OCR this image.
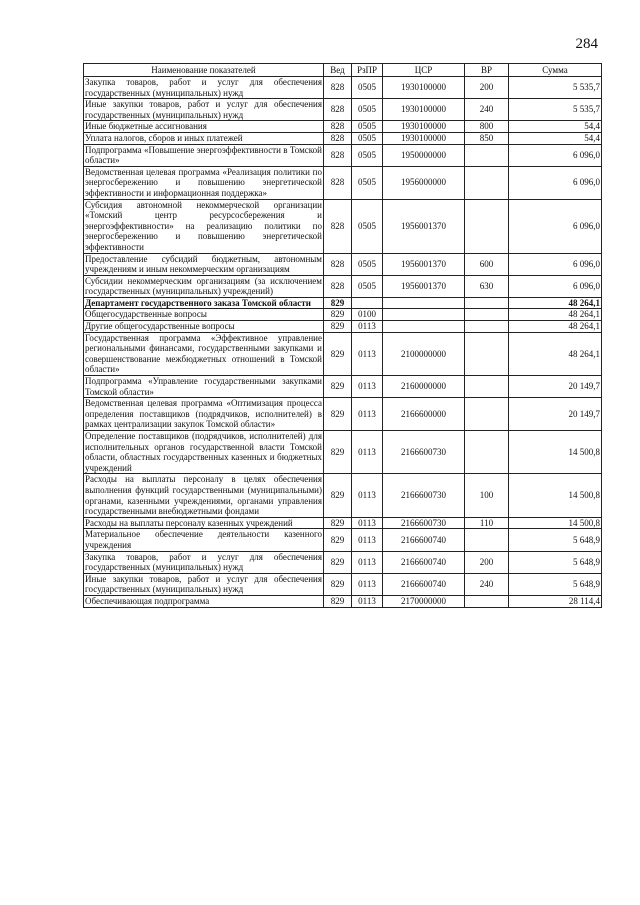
284
Наименование показателей	Вед	РзПР	ЦСР	ВР	Сумма
Закупка товаров, работ и услуг для обеспечения государственных (муниципальных) нужд	828	0505	1930100000	200	5 535,7
Иные закупки товаров, работ и услуг для обеспечения государственных (муниципальных) нужд	828	0505	1930100000	240	5 535,7
Иные бюджетные ассигнования	828	0505	1930100000	800	54,4
Уплата налогов, сборов и иных платежей	828	0505	1930100000	850	54,4
Подпрограмма «Повышение энергоэффективности в Томской области»	828	0505	1950000000		6 096,0
Ведомственная целевая программа «Реализация политики по энергосбережению и повышению энергетической эффективности и информационная поддержка»	828	0505	1956000000		6 096,0
Субсидия автономной некоммерческой организации «Томский центр ресурсосбережения и энергоэффективности» на реализацию политики по энергосбережению и повышению энергетической эффективности	828	0505	1956001370		6 096,0
Предоставление субсидий бюджетным, автономным учреждениям и иным некоммерческим организациям	828	0505	1956001370	600	6 096,0
Субсидии некоммерческим организациям (за исключением государственных (муниципальных) учреждений)	828	0505	1956001370	630	6 096,0
Департамент государственного заказа Томской области	829				48 264,1
Общегосударственные вопросы	829	0100			48 264,1
Другие общегосударственные вопросы	829	0113			48 264,1
Государственная программа «Эффективное управление региональными финансами, государственными закупками и совершенствование межбюджетных отношений в Томской области»	829	0113	2100000000		48 264,1
Подпрограмма «Управление государственными закупками Томской области»	829	0113	2160000000		20 149,7
Ведомственная целевая программа «Оптимизация процесса определения поставщиков (подрядчиков, исполнителей) в рамках централизации закупок Томской области»	829	0113	2166600000		20 149,7
Определение поставщиков (подрядчиков, исполнителей) для исполнительных органов государственной власти Томской области, областных государственных казенных и бюджетных учреждений	829	0113	2166600730		14 500,8
Расходы на выплаты персоналу в целях обеспечения выполнения функций государственными (муниципальными) органами, казенными учреждениями, органами управления государственными внебюджетными фондами	829	0113	2166600730	100	14 500,8
Расходы на выплаты персоналу казенных учреждений	829	0113	2166600730	110	14 500,8
Материальное обеспечение деятельности казенного учреждения	829	0113	2166600740		5 648,9
Закупка товаров, работ и услуг для обеспечения государственных (муниципальных) нужд	829	0113	2166600740	200	5 648,9
Иные закупки товаров, работ и услуг для обеспечения государственных (муниципальных) нужд	829	0113	2166600740	240	5 648,9
Обеспечивающая подпрограмма	829	0113	2170000000		28 114,4
